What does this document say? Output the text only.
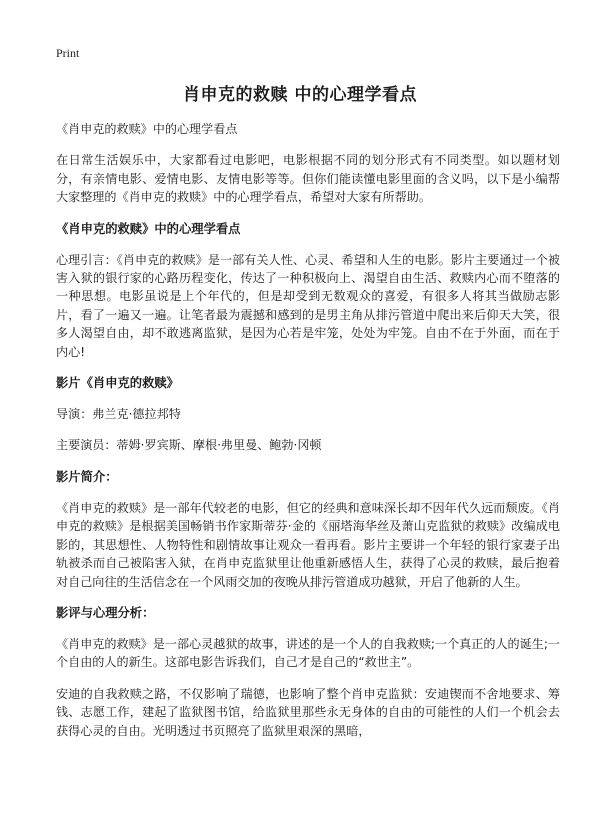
Print
肖申克的救赎 中的心理学看点

《肖申克的救赎》中的心理学看点

在日常生活娱乐中，大家都看过电影吧，电影根据不同的划分形式有不同类型。如以题材划分，有亲情电影、爱情电影、友情电影等等。但你们能读懂电影里面的含义吗，以下是小编帮大家整理的《肖申克的救赎》中的心理学看点，希望对大家有所帮助。

《肖申克的救赎》中的心理学看点

心理引言：《肖申克的救赎》是一部有关人性、心灵、希望和人生的电影。影片主要通过一个被害入狱的银行家的心路历程变化，传达了一种积极向上、渴望自由生活、救赎内心而不堕落的一种思想。电影虽说是上个年代的，但是却受到无数观众的喜爱，有很多人将其当做励志影片，看了一遍又一遍。让笔者最为震撼和感到的是男主角从排污管道中爬出来后仰天大笑，很多人渴望自由，却不敢逃离监狱，是因为心若是牢笼，处处为牢笼。自由不在于外面，而在于内心!

影片《肖申克的救赎》

导演：弗兰克·德拉邦特

主要演员：蒂姆·罗宾斯、摩根·弗里曼、鲍勃·冈顿

影片简介：

《肖申克的救赎》是一部年代较老的电影，但它的经典和意味深长却不因年代久远而颓废。《肖申克的救赎》是根据美国畅销书作家斯蒂芬·金的《丽塔海华丝及萧山克监狱的救赎》改编成电影的，其思想性、人物特性和剧情故事让观众一看再看。影片主要讲一个年轻的银行家妻子出轨被杀而自己被陷害入狱，在肖申克监狱里让他重新感悟人生，获得了心灵的救赎，最后抱着对自己向往的生活信念在一个风雨交加的夜晚从排污管道成功越狱，开启了他新的人生。

影评与心理分析：

《肖申克的救赎》是一部心灵越狱的故事，讲述的是一个人的自我救赎;一个真正的人的诞生;一个自由的人的新生。这部电影告诉我们，自己才是自己的“救世主”。

安迪的自我救赎之路，不仅影响了瑞德，也影响了整个肖申克监狱：安迪锲而不舍地要求、筹钱、志愿工作，建起了监狱图书馆，给监狱里那些永无身体的自由的可能性的人们一个机会去获得心灵的自由。光明透过书页照亮了监狱里艰深的黑暗，
